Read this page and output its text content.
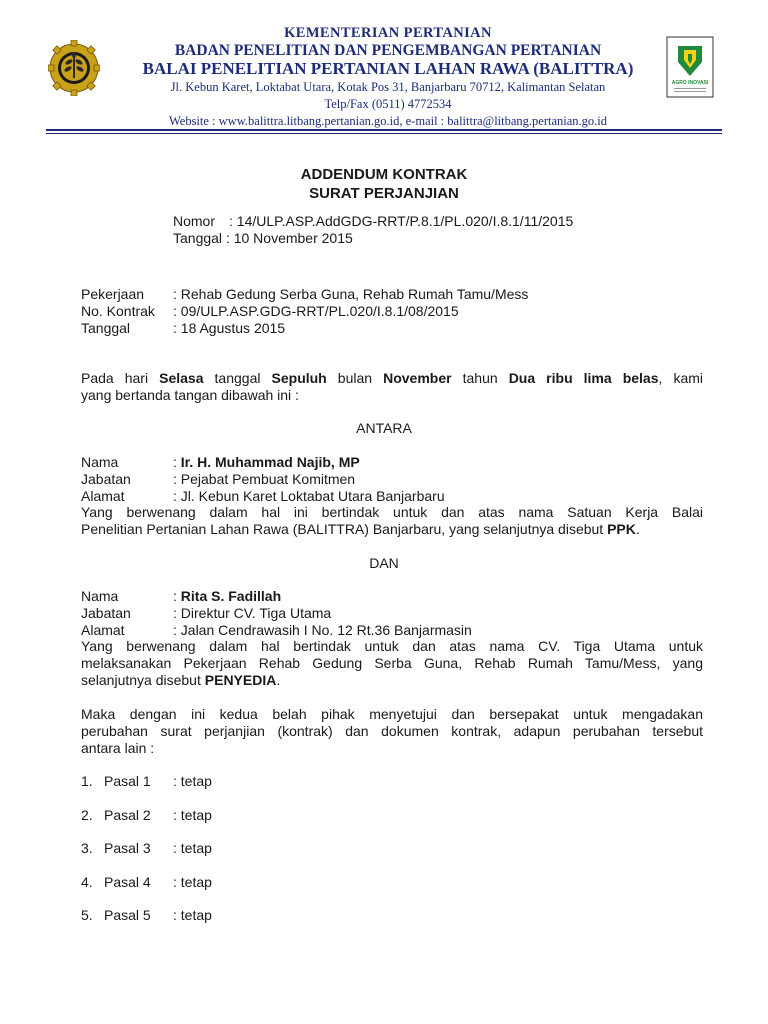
KEMENTERIAN PERTANIAN
BADAN PENELITIAN DAN PENGEMBANGAN PERTANIAN
BALAI PENELITIAN PERTANIAN LAHAN RAWA (BALITTRA)
Jl. Kebun Karet, Loktabat Utara, Kotak Pos 31, Banjarbaru 70712, Kalimantan Selatan
Telp/Fax (0511) 4772534
Website : www.balittra.litbang.pertanian.go.id, e-mail : balittra@litbang.pertanian.go.id
AGRO INOVASI
ADDENDUM KONTRAK
SURAT PERJANJIAN
Nomor : 14/ULP.ASP.AddGDG-RRT/P.8.1/PL.020/I.8.1/11/2015
Tanggal : 10 November 2015
Pekerjaan : Rehab Gedung Serba Guna, Rehab Rumah Tamu/Mess
No. Kontrak : 09/ULP.ASP.GDG-RRT/PL.020/I.8.1/08/2015
Tanggal	: 18 Agustus 2015
Pada hari Selasa tanggal Sepuluh bulan November tahun Dua ribu lima belas, kami
yang bertanda tangan dibawah ini :
ANTARA
Nama	: Ir. H. Muhammad Najib, MP
Jabatan	: Pejabat Pembuat Komitmen
Alamat	: Jl. Kebun Karet Loktabat Utara Banjarbaru
Yang berwenang dalam hal ini bertindak untuk dan atas nama Satuan Kerja Balai
Penelitian Pertanian Lahan Rawa (BALITTRA) Banjarbaru, yang selanjutnya disebut PPK.
DAN
Nama	: Rita S. Fadillah
Jabatan	: Direktur CV. Tiga Utama
Alamat	: Jalan Cendrawasih I No. 12 Rt.36 Banjarmasin
Yang berwenang dalam hal bertindak untuk dan atas nama CV. Tiga Utama untuk
melaksanakan Pekerjaan Rehab Gedung Serba Guna, Rehab Rumah Tamu/Mess, yang
selanjutnya disebut PENYEDIA.
Maka dengan ini kedua belah pihak menyetujui dan bersepakat untuk mengadakan
perubahan surat perjanjian (kontrak) dan dokumen kontrak, adapun perubahan tersebut
antara lain :
1. Pasal 1 : tetap
2. Pasal 2 : tetap
3. Pasal 3 : tetap
4. Pasal 4 : tetap
5. Pasal 5 : tetap
